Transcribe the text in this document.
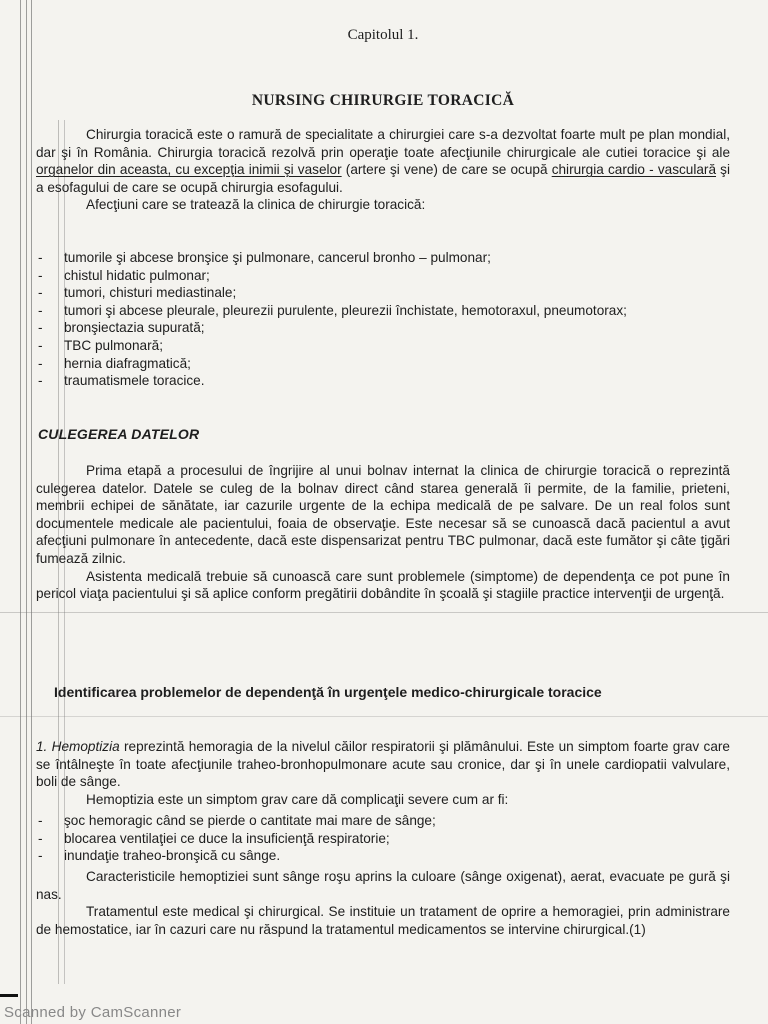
Capitolul 1.
NURSING CHIRURGIE TORACICĂ

Chirurgia toracică este o ramură de specialitate a chirurgiei care s-a dezvoltat foarte mult pe plan mondial, dar şi în România. Chirurgia toracică rezolvă prin operaţie toate afecţiunile chirurgicale ale cutiei toracice şi ale organelor din aceasta, cu excepţia inimii şi vaselor (artere şi vene) de care se ocupă chirurgia cardio - vasculară şi a esofagului de care se ocupă chirurgia esofagului.

Afecţiuni care se tratează la clinica de chirurgie toracică:

- tumorile şi abcese bronşice şi pulmonare, cancerul bronho – pulmonar;
- chistul hidatic pulmonar;
- tumori, chisturi mediastinale;
- tumori şi abcese pleurale, pleurezii purulente, pleurezii închistate, hemotoraxul, pneumotorax;
- bronşiectazia supurată;
- TBC pulmonară;
- hernia diafragmatică;
- traumatismele toracice.
CULEGEREA DATELOR

Prima etapă a procesului de îngrijire al unui bolnav internat la clinica de chirurgie toracică o reprezintă culegerea datelor. Datele se culeg de la bolnav direct când starea generală îi permite, de la familie, prieteni, membrii echipei de sănătate, iar cazurile urgente de la echipa medicală de pe salvare. De un real folos sunt documentele medicale ale pacientului, foaia de observaţie. Este necesar să se cunoască dacă pacientul a avut afecţiuni pulmonare în antecedente, dacă este dispensarizat pentru TBC pulmonar, dacă este fumător şi câte ţigări fumează zilnic.

Asistenta medicală trebuie să cunoască care sunt problemele (simptome) de dependenţa ce pot pune în pericol viaţa pacientului şi să aplice conform pregătirii dobândite în şcoală şi stagiile practice intervenţii de urgenţă.

Identificarea problemelor de dependenţă în urgenţele medico-chirurgicale toracice

1. Hemoptizia reprezintă hemoragia de la nivelul căilor respiratorii şi plămânului. Este un simptom foarte grav care se întâlneşte în toate afecţiunile traheo-bronhopulmonare acute sau cronice, dar şi în unele cardiopatii valvulare, boli de sânge.

Hemoptizia este un simptom grav care dă complicaţii severe cum ar fi:

- şoc hemoragic când se pierde o cantitate mai mare de sânge;
- blocarea ventilaţiei ce duce la insuficienţă respiratorie;
- inundaţie traheo-bronşică cu sânge.

Caracteristicile hemoptiziei sunt sânge roşu aprins la culoare (sânge oxigenat), aerat, evacuate pe gură şi nas.

Tratamentul este medical şi chirurgical. Se instituie un tratament de oprire a hemoragiei, prin administrare de hemostatice, iar în cazuri care nu răspund la tratamentul medicamentos se intervine chirurgical.(1)

Scanned by CamScanner
